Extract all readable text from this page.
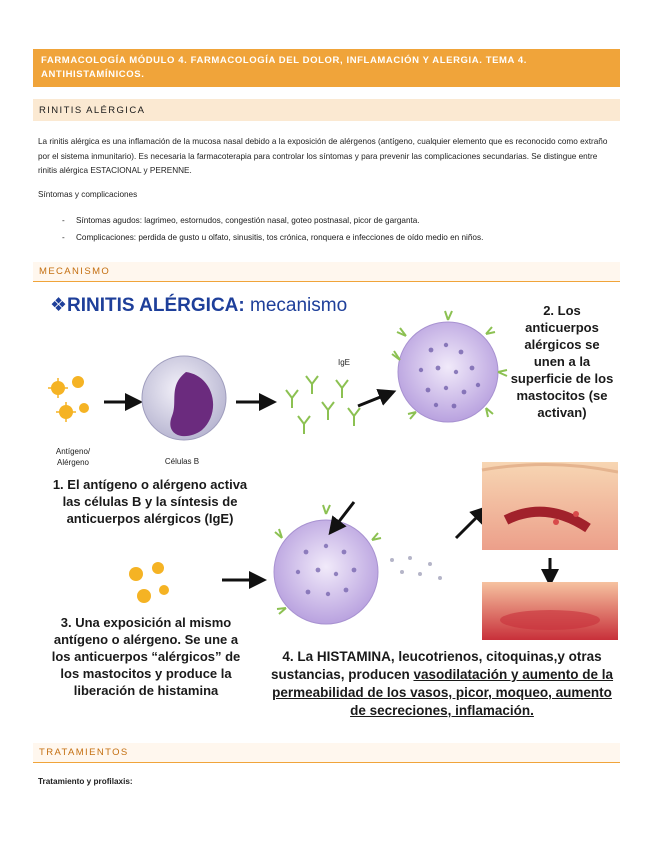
FARMACOLOGÍA MÓDULO 4. FARMACOLOGÍA DEL DOLOR, INFLAMACIÓN Y ALERGIA. TEMA 4. ANTIHISTAMÍNICOS.
RINITIS ALÉRGICA
La rinitis alérgica es una inflamación de la mucosa nasal debido a la exposición de alérgenos (antígeno, cualquier elemento que es reconocido como extraño por el sistema inmunitario). Es necesaria la farmacoterapia para controlar los síntomas y para prevenir las complicaciones secundarias. Se distingue entre rinitis alérgica ESTACIONAL y PERENNE.
Síntomas y complicaciones
- Síntomas agudos: lagrimeo, estornudos, congestión nasal, goteo postnasal, picor de garganta.
- Complicaciones: perdida de gusto u olfato, sinusitis, tos crónica, ronquera e infecciones de oído medio en niños.
MECANISMO
❖RINITIS ALÉRGICA: mecanismo
Antígeno/ Alérgeno	Células B
IgE
1. El antígeno o alérgeno activa las células B y la síntesis de anticuerpos alérgicos (IgE)
2. Los anticuerpos alérgicos se unen a la superficie de los mastocitos (se activan)
3. Una exposición al mismo antígeno o alérgeno. Se une a los anticuerpos “alérgicos” de los mastocitos y produce la liberación de histamina
4. La HISTAMINA, leucotrienos, citoquinas,y otras sustancias, producen vasodilatación y aumento de la permeabilidad de los vasos, picor, moqueo, aumento de secreciones, inflamación.
TRATAMIENTOS
Tratamiento y profilaxis:
